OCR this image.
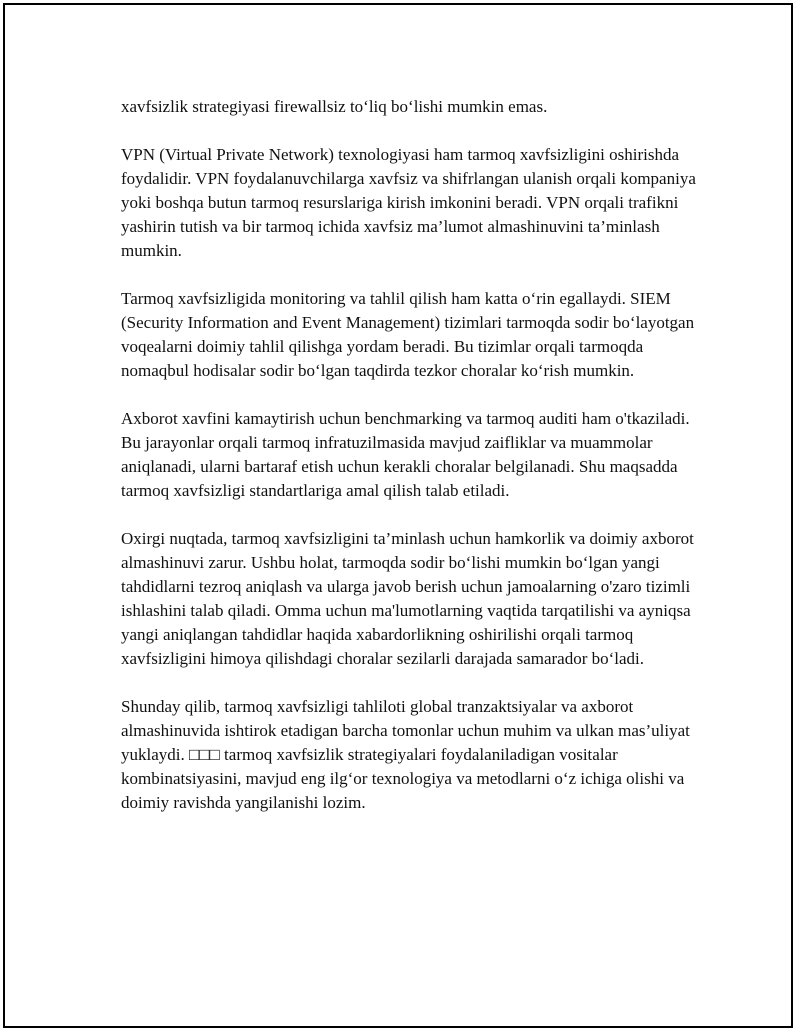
xavfsizlik strategiyasi firewallsiz to‘liq bo‘lishi mumkin emas.

VPN (Virtual Private Network) texnologiyasi ham tarmoq xavfsizligini oshirishda foydalidir. VPN foydalanuvchilarga xavfsiz va shifrlangan ulanish orqali kompaniya yoki boshqa butun tarmoq resurslariga kirish imkonini beradi. VPN orqali trafikni yashirin tutish va bir tarmoq ichida xavfsiz ma’lumot almashinuvini ta’minlash mumkin.

Tarmoq xavfsizligida monitoring va tahlil qilish ham katta o‘rin egallaydi. SIEM (Security Information and Event Management) tizimlari tarmoqda sodir bo‘layotgan voqealarni doimiy tahlil qilishga yordam beradi. Bu tizimlar orqali tarmoqda nomaqbul hodisalar sodir bo‘lgan taqdirda tezkor choralar ko‘rish mumkin.

Axborot xavfini kamaytirish uchun benchmarking va tarmoq auditi ham o'tkaziladi. Bu jarayonlar orqali tarmoq infratuzilmasida mavjud zaifliklar va muammolar aniqlanadi, ularni bartaraf etish uchun kerakli choralar belgilanadi. Shu maqsadda tarmoq xavfsizligi standartlariga amal qilish talab etiladi.

Oxirgi nuqtada, tarmoq xavfsizligini ta’minlash uchun hamkorlik va doimiy axborot almashinuvi zarur. Ushbu holat, tarmoqda sodir bo‘lishi mumkin bo‘lgan yangi tahdidlarni tezroq aniqlash va ularga javob berish uchun jamoalarning o'zaro tizimli ishlashini talab qiladi. Omma uchun ma'lumotlarning vaqtida tarqatilishi va ayniqsa yangi aniqlangan tahdidlar haqida xabardorlikning oshirilishi orqali tarmoq xavfsizligini himoya qilishdagi choralar sezilarli darajada samarador bo‘ladi.

Shunday qilib, tarmoq xavfsizligi tahliloti global tranzaktsiyalar va axborot almashinuvida ishtirok etadigan barcha tomonlar uchun muhim va ulkan mas’uliyat yuklaydi. □□□ tarmoq xavfsizlik strategiyalari foydalaniladigan vositalar kombinatsiyasini, mavjud eng ilg‘or texnologiya va metodlarni o‘z ichiga olishi va doimiy ravishda yangilanishi lozim.
